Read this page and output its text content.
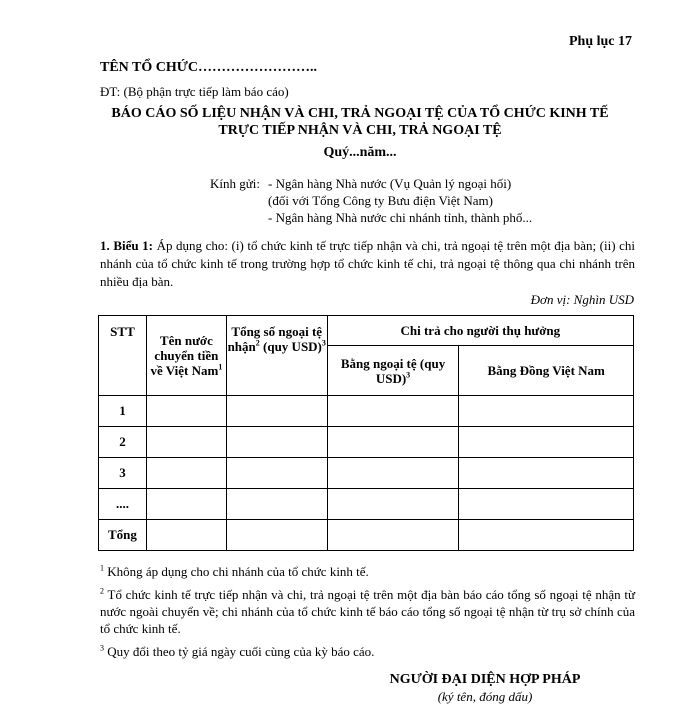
Phụ lục 17
TÊN TỔ CHỨC……………………..
ĐT: (Bộ phận trực tiếp làm báo cáo)
BÁO CÁO SỐ LIỆU NHẬN VÀ CHI, TRẢ NGOẠI TỆ CỦA TỔ CHỨC KINH TẾ
TRỰC TIẾP NHẬN VÀ CHI, TRẢ NGOẠI TỆ
Quý...năm...
Kính gửi: - Ngân hàng Nhà nước (Vụ Quản lý ngoại hối)
(đối với Tổng Công ty Bưu điện Việt Nam)
- Ngân hàng Nhà nước chi nhánh tỉnh, thành phố...
1. Biểu 1: Áp dụng cho: (i) tổ chức kinh tế trực tiếp nhận và chi, trả ngoại tệ trên một địa bàn; (ii) chi nhánh của tổ chức kinh tế trong trường hợp tổ chức kinh tế chi, trả ngoại tệ thông qua chi nhánh trên nhiều địa bàn.
Đơn vị: Nghìn USD
STT	Tên nước chuyển tiền về Việt Nam$^1$	Tổng số ngoại tệ nhận$^2$ (quy USD)$^3$	Chi trả cho người thụ hưởng	
			Bằng ngoại tệ (quy USD)$^3$	Bằng Đồng Việt Nam
1				
2				
3				
....				
Tổng				

$^1$ Không áp dụng cho chi nhánh của tổ chức kinh tế.

$^2$ Tổ chức kinh tế trực tiếp nhận và chi, trả ngoại tệ trên một địa bàn báo cáo tổng số ngoại tệ nhận từ nước ngoài chuyển về; chi nhánh của tổ chức kinh tế báo cáo tổng số ngoại tệ nhận từ trụ sở chính của tổ chức kinh tế.

$^3$ Quy đổi theo tỷ giá ngày cuối cùng của kỳ báo cáo.

NGƯỜI ĐẠI DIỆN HỢP PHÁP
(ký tên, đóng dấu)
